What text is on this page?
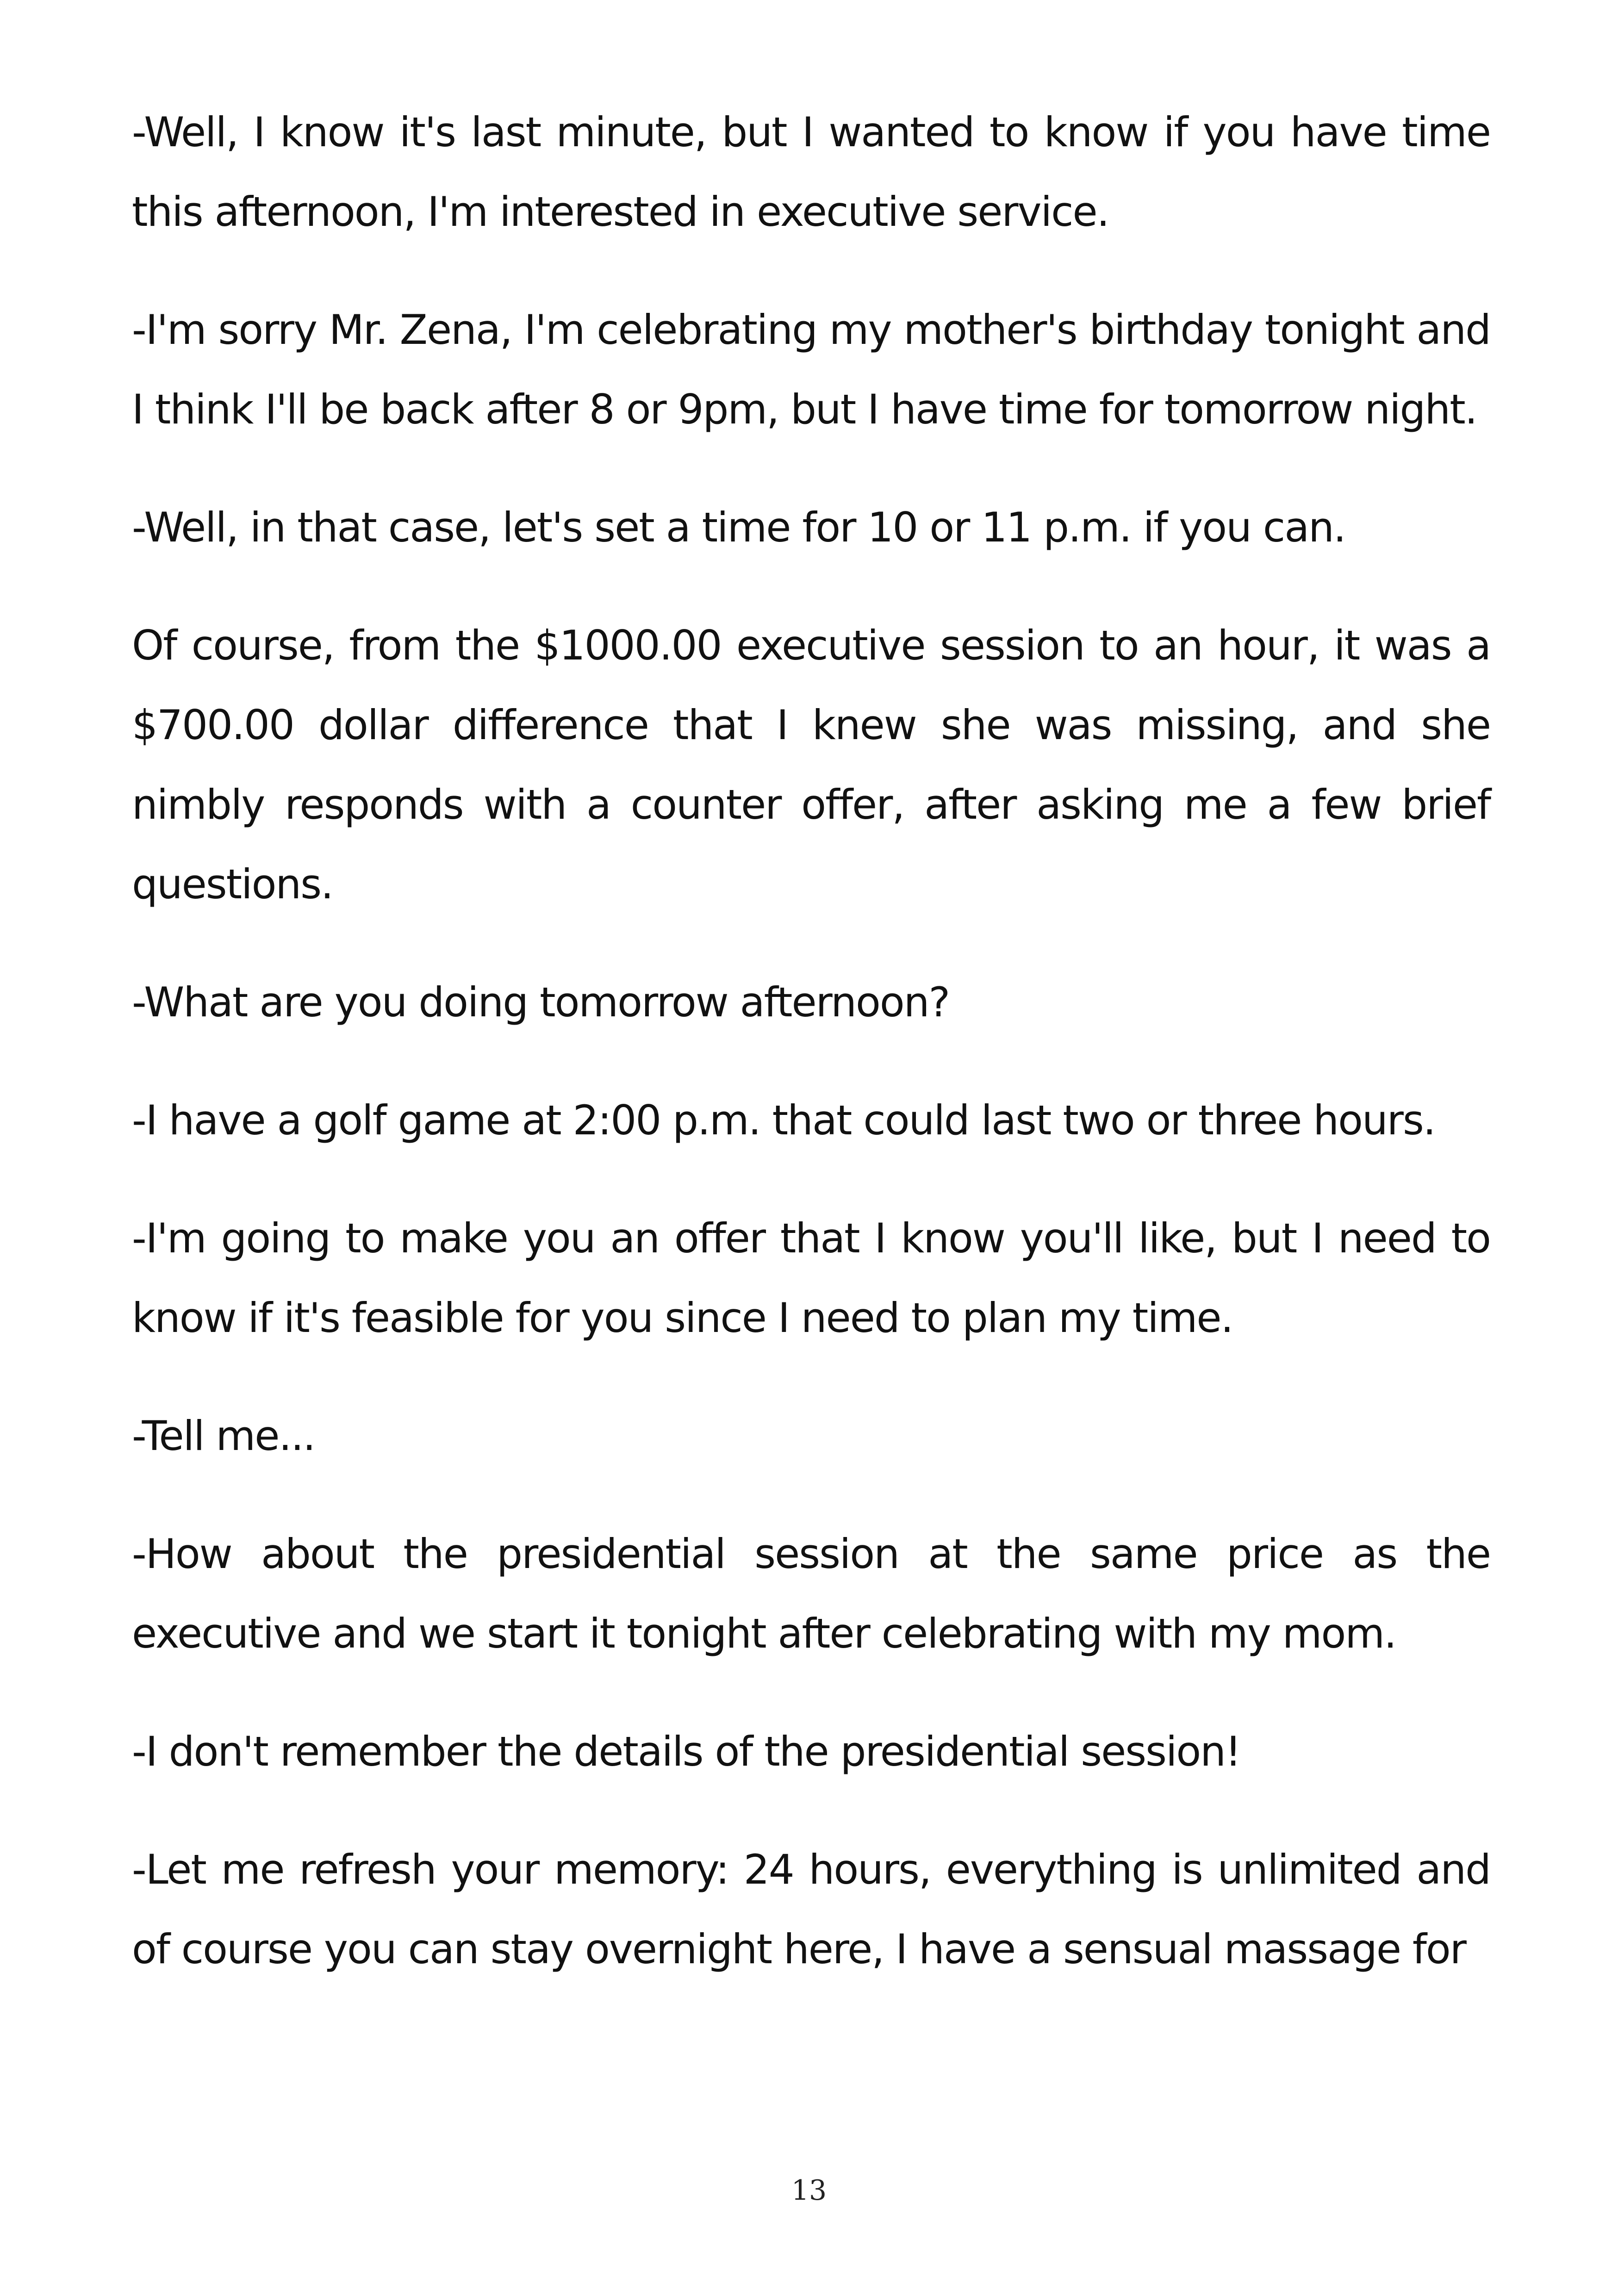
-Well, I know it's last minute, but I wanted to know if you have time this afternoon, I'm interested in executive service.

-I'm sorry Mr. Zena, I'm celebrating my mother's birthday tonight and I think I'll be back after 8 or 9pm, but I have time for tomorrow night.

-Well, in that case, let's set a time for 10 or 11 p.m. if you can.

Of course, from the $1000.00 executive session to an hour, it was a $700.00 dollar difference that I knew she was missing, and she nimbly responds with a counter offer, after asking me a few brief questions.

-What are you doing tomorrow afternoon?

-I have a golf game at 2:00 p.m. that could last two or three hours.

-I'm going to make you an offer that I know you'll like, but I need to know if it's feasible for you since I need to plan my time.

-Tell me...

-How about the presidential session at the same price as the executive and we start it tonight after celebrating with my mom.

-I don't remember the details of the presidential session!

-Let me refresh your memory: 24 hours, everything is unlimited and of course you can stay overnight here, I have a sensual massage for

13
